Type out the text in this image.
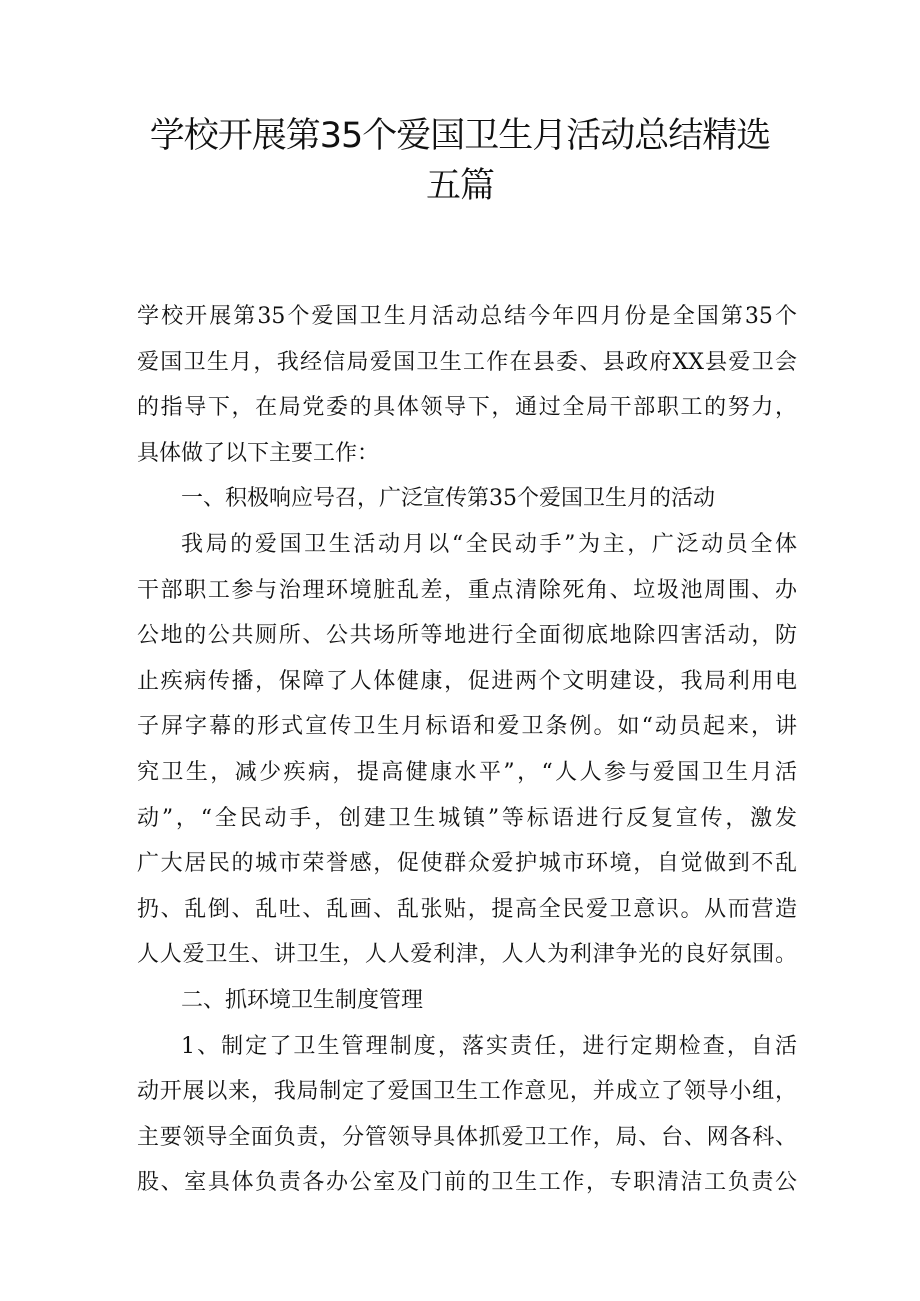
学校开展第35个爱国卫生月活动总结精选
五篇
学校开展第35个爱国卫生月活动总结今年四月份是全国第35个
爱国卫生月，我经信局爱国卫生工作在县委、县政府XX县爱卫会
的指导下，在局党委的具体领导下，通过全局干部职工的努力，
具体做了以下主要工作：
一、积极响应号召，广泛宣传第35个爱国卫生月的活动
我局的爱国卫生活动月以“全民动手”为主，广泛动员全体
干部职工参与治理环境脏乱差，重点清除死角、垃圾池周围、办
公地的公共厕所、公共场所等地进行全面彻底地除四害活动，防
止疾病传播，保障了人体健康，促进两个文明建设，我局利用电
子屏字幕的形式宣传卫生月标语和爱卫条例。如“动员起来，讲
究卫生，减少疾病，提高健康水平”，“人人参与爱国卫生月活
动”，“全民动手，创建卫生城镇”等标语进行反复宣传，激发
广大居民的城市荣誉感，促使群众爱护城市环境，自觉做到不乱
扔、乱倒、乱吐、乱画、乱张贴，提高全民爱卫意识。从而营造
人人爱卫生、讲卫生，人人爱利津，人人为利津争光的良好氛围。
二、抓环境卫生制度管理
1、制定了卫生管理制度，落实责任，进行定期检查，自活
动开展以来，我局制定了爱国卫生工作意见，并成立了领导小组，
主要领导全面负责，分管领导具体抓爱卫工作，局、台、网各科、
股、室具体负责各办公室及门前的卫生工作，专职清洁工负责公
